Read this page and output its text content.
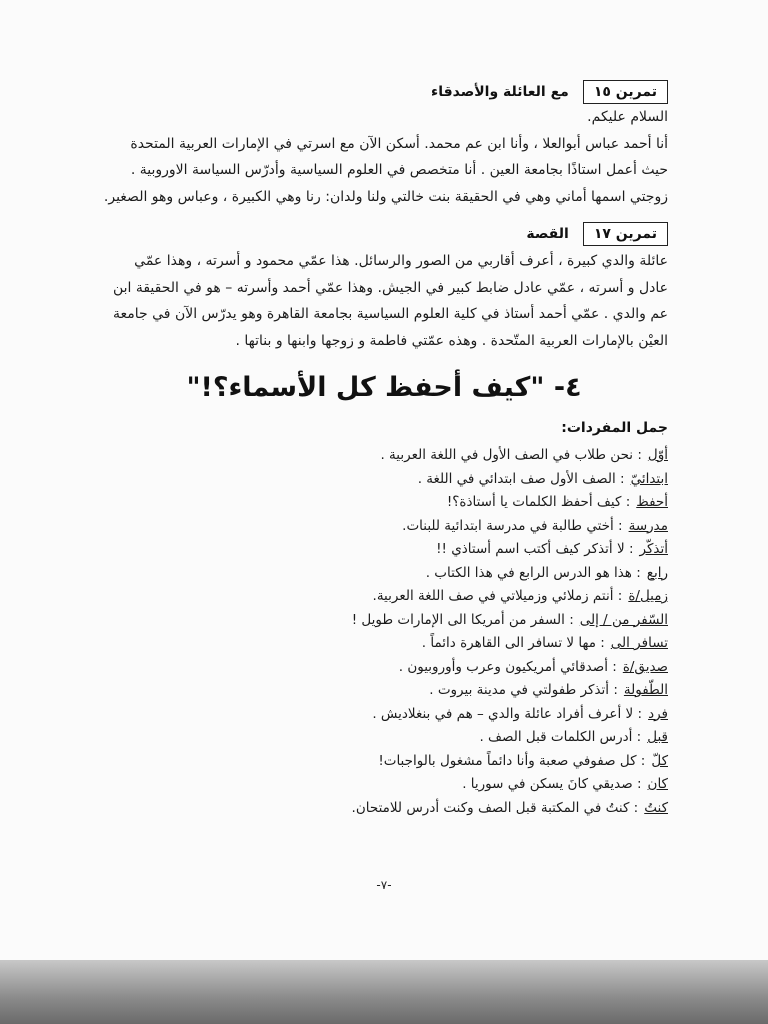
تمرين ١٥
مع العائلة والأصدقاء

السلام عليكم.

أنا أحمد عباس أبوالعلا ، وأنا ابن عم محمد. أسكن الآن مع اسرتي في الإمارات العربية المتحدة

حيث أعمل استاذًا بجامعة العين . أنا متخصص في العلوم السياسية وأدرّس السياسة الاوروبية .

زوجتي اسمها أماني وهي في الحقيقة بنت خالتي ولنا ولدان: رنا وهي الكبيرة ، وعباس وهو الصغير.

تمرين ١٧
القصة

عائلة والدي كبيرة ، أعرف أقاربي من الصور والرسائل. هذا عمّي محمود و أسرته ، وهذا عمّي

عادل و أسرته ، عمّي عادل ضابط كبير في الجيش. وهذا عمّي أحمد وأسرته – هو في الحقيقة ابن

عم والدي . عمّي أحمد أستاذ في كلية العلوم السياسية بجامعة القاهرة وهو يدرّس الآن في جامعة

العيْن بالإمارات العربية المتّحدة . وهذه عمّتي فاطمة و زوجها وابنها و بناتها .

٤- "كيف أحفظ كل الأسماء؟!"
جمل المفردات:
أوّل: نحن طلاب في الصف الأول في اللغة العربية .
ابتدائيّ: الصف الأول صف ابتدائي في اللغة .
أحفظ: كيف أحفظ الكلمات يا أستاذة؟!
مدرسة: أختي طالبة في مدرسة ابتدائية للبنات.
أتذكّر: لا أتذكر كيف أكتب اسم أستاذي !!
رابع: هذا هو الدرس الرابع في هذا الكتاب .
زميل/ة: أنتم زملائي وزميلاتي في صف اللغة العربية.
السّفر من / إلى: السفر من أمريكا الى الإمارات طويل !
تسافر الى: مها لا تسافر الى القاهرة دائماً .
صديق/ة: أصدقائي أمريكيون وعرب وأوروبيون .
الطّفولة: أتذكر طفولتي في مدينة بيروت .
فرد: لا أعرف أفراد عائلة والدي – هم في بنغلاديش .
قبل: أدرس الكلمات قبل الصف .
كلّ: كل صفوفي صعبة وأنا دائماً مشغول بالواجبات!
كان: صديقي كانَ يسكن في سوريا .
كنتُ: كنتُ في المكتبة قبل الصف وكنت أدرس للامتحان.
-٧-
